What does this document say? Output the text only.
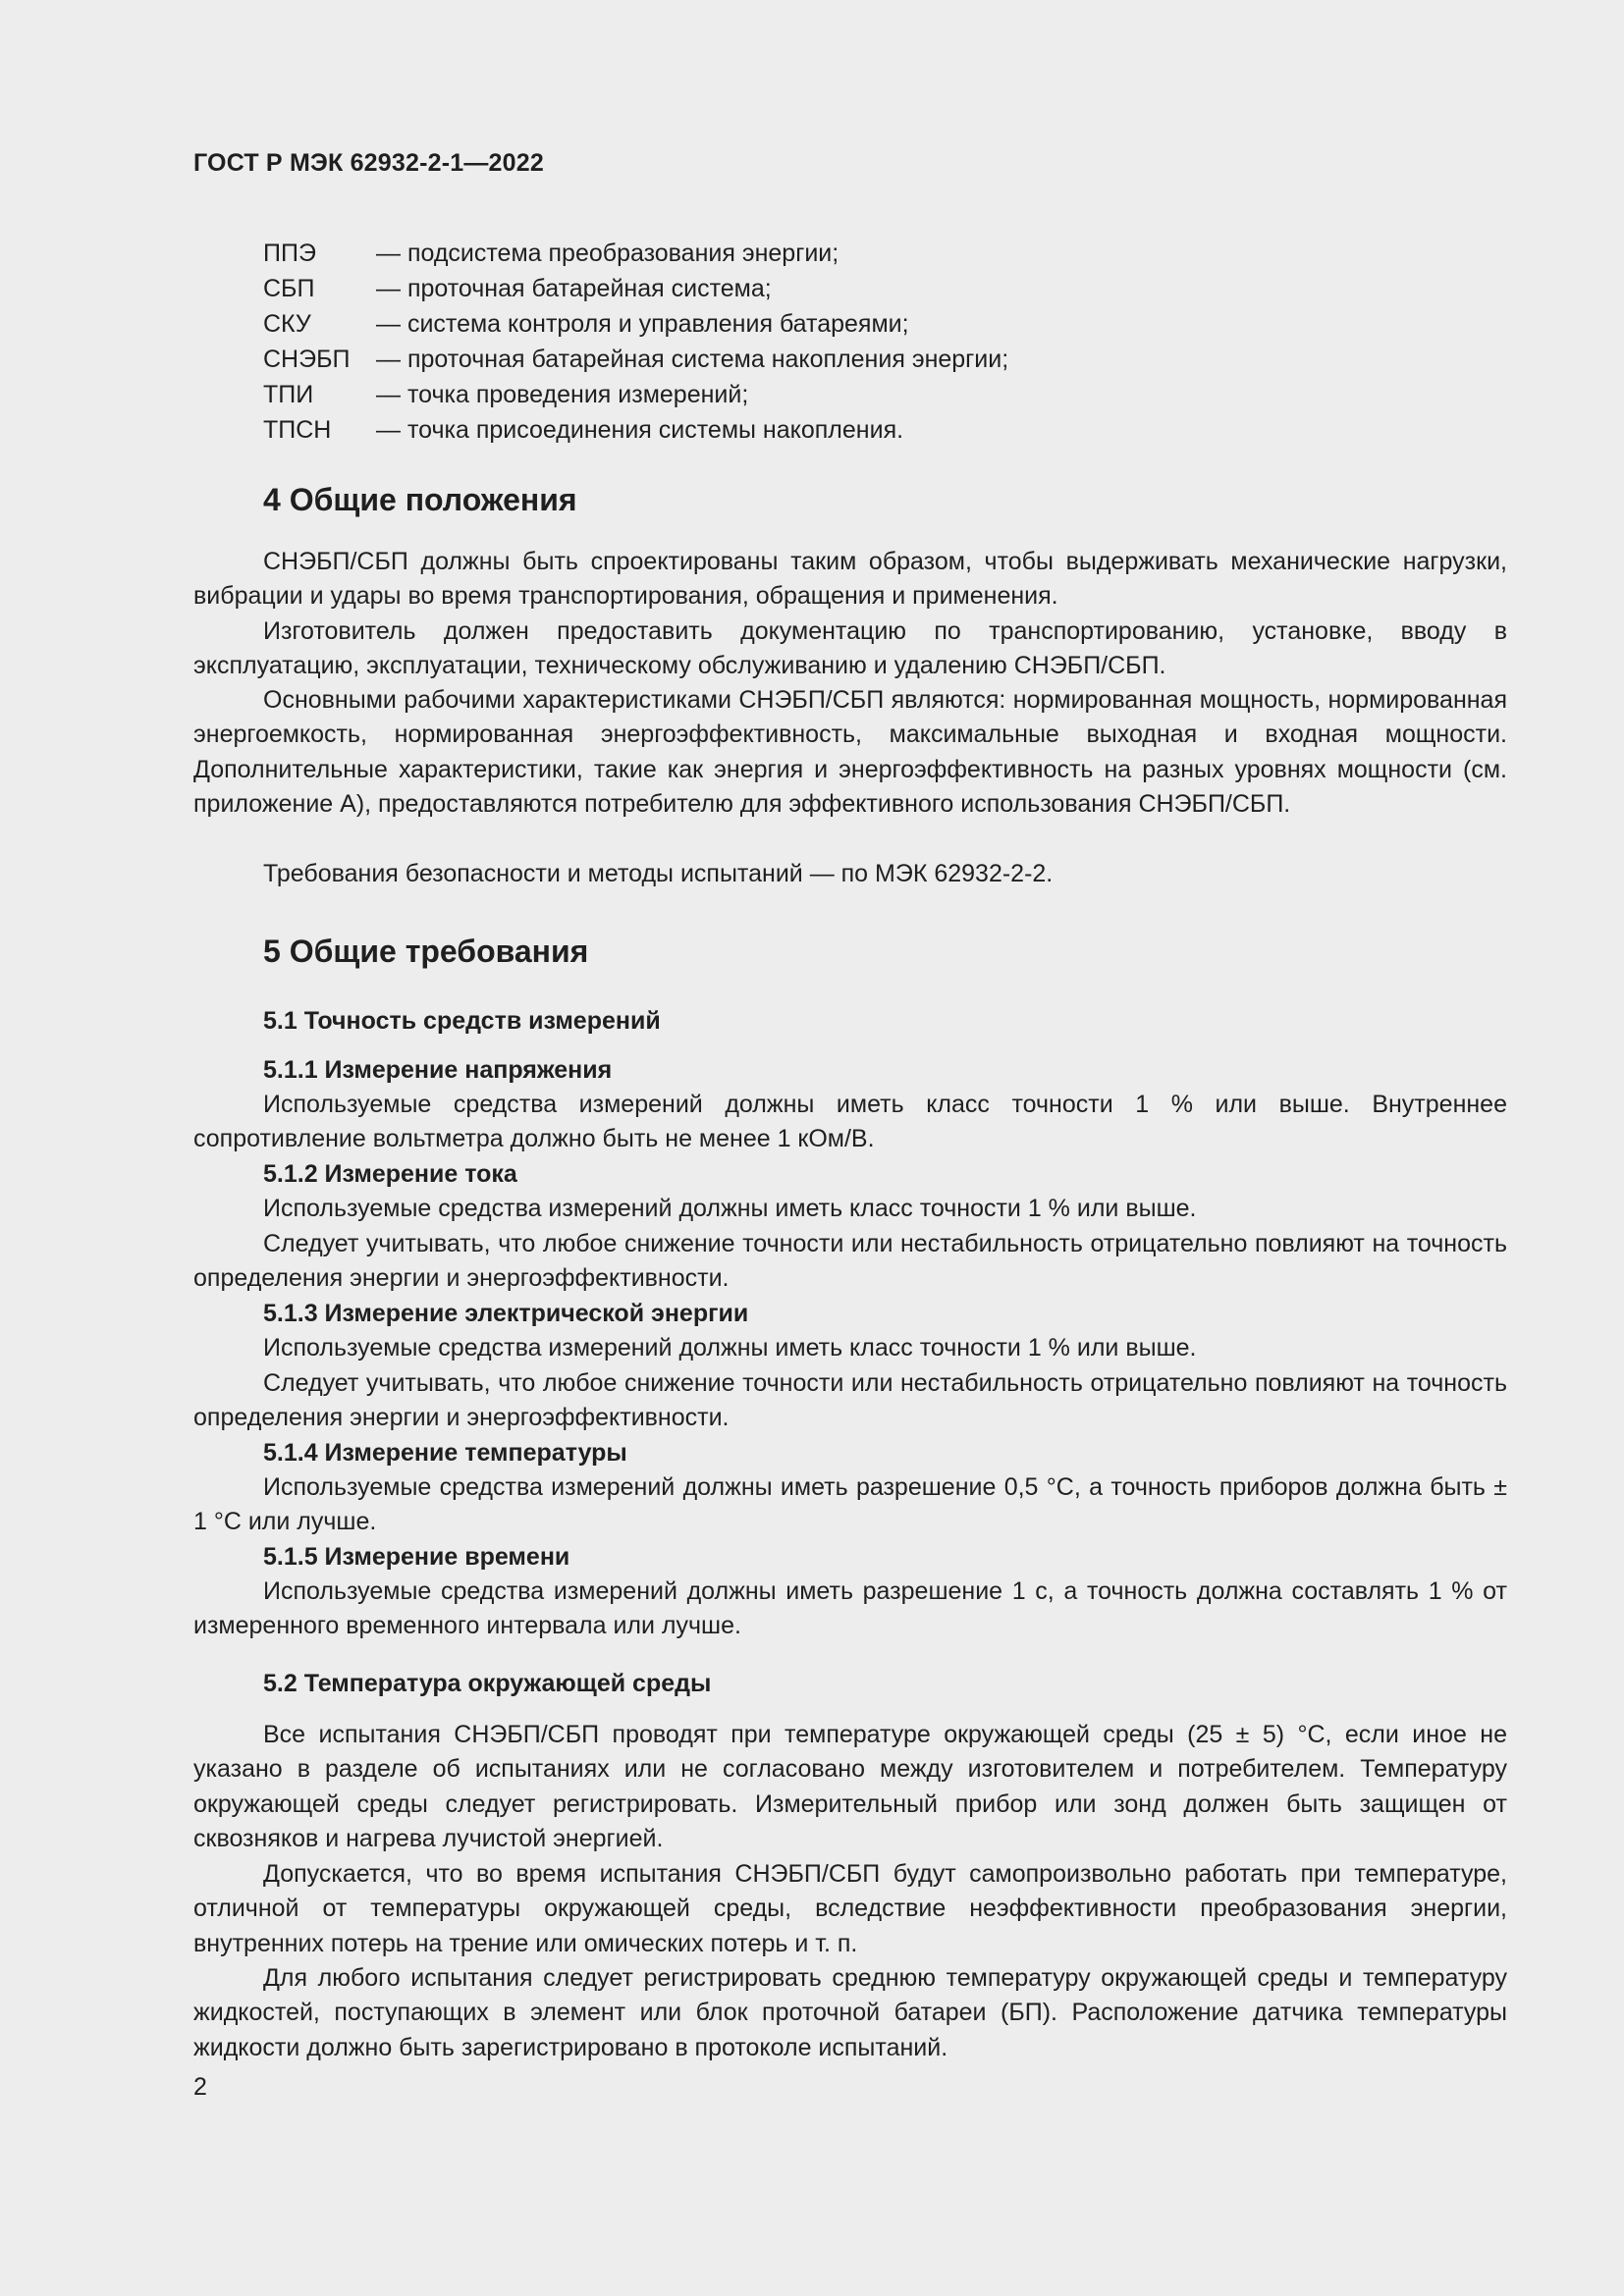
ГОСТ Р МЭК 62932-2-1—2022
ППЭ	— подсистема преобразования энергии;
СБП	— проточная батарейная система;
СКУ	— система контроля и управления батареями;
СНЭБП	— проточная батарейная система накопления энергии;
ТПИ	— точка проведения измерений;
ТПСН	— точка присоединения системы накопления.
4 Общие положения

СНЭБП/СБП должны быть спроектированы таким образом, чтобы выдерживать механические нагрузки, вибрации и удары во время транспортирования, обращения и применения.

Изготовитель должен предоставить документацию по транспортированию, установке, вводу в эксплуатацию, эксплуатации, техническому обслуживанию и удалению СНЭБП/СБП.

Основными рабочими характеристиками СНЭБП/СБП являются: нормированная мощность, нормированная энергоемкость, нормированная энергоэффективность, максимальные выходная и входная мощности. Дополнительные характеристики, такие как энергия и энергоэффективность на разных уровнях мощности (см. приложение А), предоставляются потребителю для эффективного использования СНЭБП/СБП.

Требования безопасности и методы испытаний — по МЭК 62932-2-2.

5 Общие требования
5.1 Точность средств измерений
5.1.1 Измерение напряжения

Используемые средства измерений должны иметь класс точности 1 % или выше. Внутреннее сопротивление вольтметра должно быть не менее 1 кОм/В.

5.1.2 Измерение тока

Используемые средства измерений должны иметь класс точности 1 % или выше.

Следует учитывать, что любое снижение точности или нестабильность отрицательно повлияют на точность определения энергии и энергоэффективности.

5.1.3 Измерение электрической энергии

Используемые средства измерений должны иметь класс точности 1 % или выше.

Следует учитывать, что любое снижение точности или нестабильность отрицательно повлияют на точность определения энергии и энергоэффективности.

5.1.4 Измерение температуры

Используемые средства измерений должны иметь разрешение 0,5 °С, а точность приборов должна быть ± 1 °С или лучше.

5.1.5 Измерение времени

Используемые средства измерений должны иметь разрешение 1 с, а точность должна составлять 1 % от измеренного временного интервала или лучше.

5.2 Температура окружающей среды

Все испытания СНЭБП/СБП проводят при температуре окружающей среды (25 ± 5) °С, если иное не указано в разделе об испытаниях или не согласовано между изготовителем и потребителем. Температуру окружающей среды следует регистрировать. Измерительный прибор или зонд должен быть защищен от сквозняков и нагрева лучистой энергией.

Допускается, что во время испытания СНЭБП/СБП будут самопроизвольно работать при температуре, отличной от температуры окружающей среды, вследствие неэффективности преобразования энергии, внутренних потерь на трение или омических потерь и т. п.

Для любого испытания следует регистрировать среднюю температуру окружающей среды и температуру жидкостей, поступающих в элемент или блок проточной батареи (БП). Расположение датчика температуры жидкости должно быть зарегистрировано в протоколе испытаний.

2
